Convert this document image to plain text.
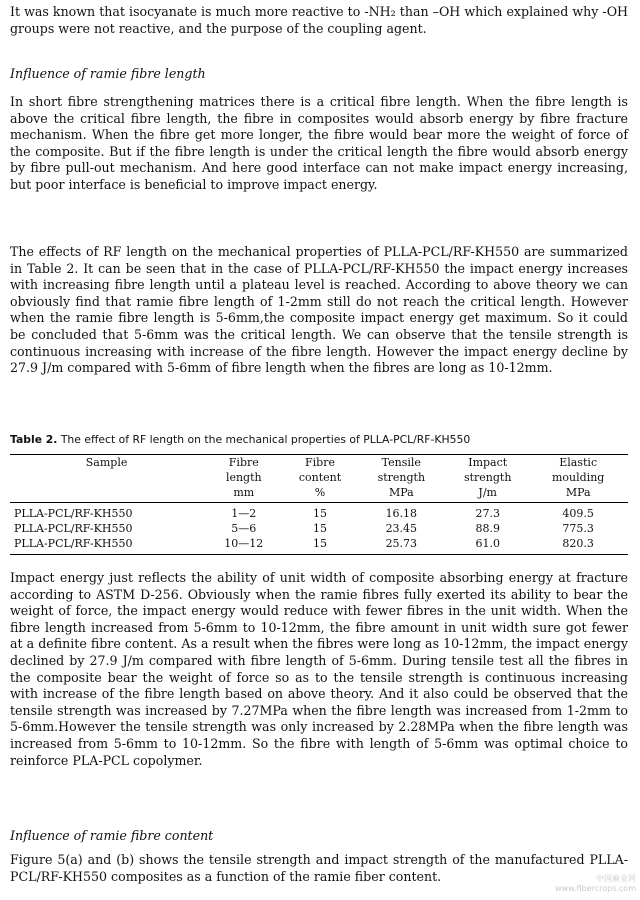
It was known that isocyanate is much more reactive to -NH₂ than –OH which explained why -OH groups were not reactive, and the purpose of the coupling agent.

Influence of ramie fibre length

In short fibre strengthening matrices there is a critical fibre length. When the fibre length is above the critical fibre length, the fibre in composites would absorb energy by fibre fracture mechanism. When the fibre get more longer, the fibre would bear more the weight of force of the composite. But if the fibre length is under the critical length the fibre would absorb energy by fibre pull-out mechanism. And here good interface can not make impact energy increasing, but poor interface is beneficial to improve impact energy.

The effects of RF length on the mechanical properties of PLLA-PCL/RF-KH550 are summarized in Table 2. It can be seen that in the case of PLLA-PCL/RF-KH550 the impact energy increases with increasing fibre length until a plateau level is reached. According to above theory we can obviously find that ramie fibre length of 1-2mm still do not reach the critical length. However when the ramie fibre length is 5-6mm,the composite impact energy get maximum. So it could be concluded that 5-6mm was the critical length. We can observe that the tensile strength is continuous increasing with increase of the fibre length. However the impact energy decline by 27.9 J/m compared with 5-6mm of fibre length when the fibres are long as 10-12mm.

Table 2. The effect of RF length on the mechanical properties of PLLA-PCL/RF-KH550

Sample	Fibre	Fibre	Tensile	Impact	Elastic
	length	content	strength	strength	moulding
	mm	%	MPa	J/m	MPa
PLLA-PCL/RF-KH550	1—2	15	16.18	27.3	409.5
PLLA-PCL/RF-KH550	5—6	15	23.45	88.9	775.3
PLLA-PCL/RF-KH550	10—12	15	25.73	61.0	820.3

Impact energy just reflects the ability of unit width of composite absorbing energy at fracture according to ASTM D-256. Obviously when the ramie fibres fully exerted its ability to bear the weight of force, the impact energy would reduce with fewer fibres in the unit width. When the fibre length increased from 5-6mm to 10-12mm, the fibre amount in unit width sure got fewer at a definite fibre content. As a result when the fibres were long as 10-12mm, the impact energy declined by 27.9 J/m compared with fibre length of 5-6mm. During tensile test all the fibres in the composite bear the weight of force so as to the tensile strength is continuous increasing with increase of the fibre length based on above theory. And it also could be observed that the tensile strength was increased by 7.27MPa when the fibre length was increased from 1-2mm to 5-6mm.However the tensile strength was only increased by 2.28MPa when the fibre length was increased from 5-6mm to 10-12mm. So the fibre with length of 5-6mm was optimal choice to reinforce PLA-PCL copolymer.

Influence of ramie fibre content

Figure 5(a) and (b) shows the tensile strength and impact strength of the manufactured PLLA-PCL/RF-KH550 composites as a function of the ramie fiber content.	中国麻业网
www.fibercrops.com
